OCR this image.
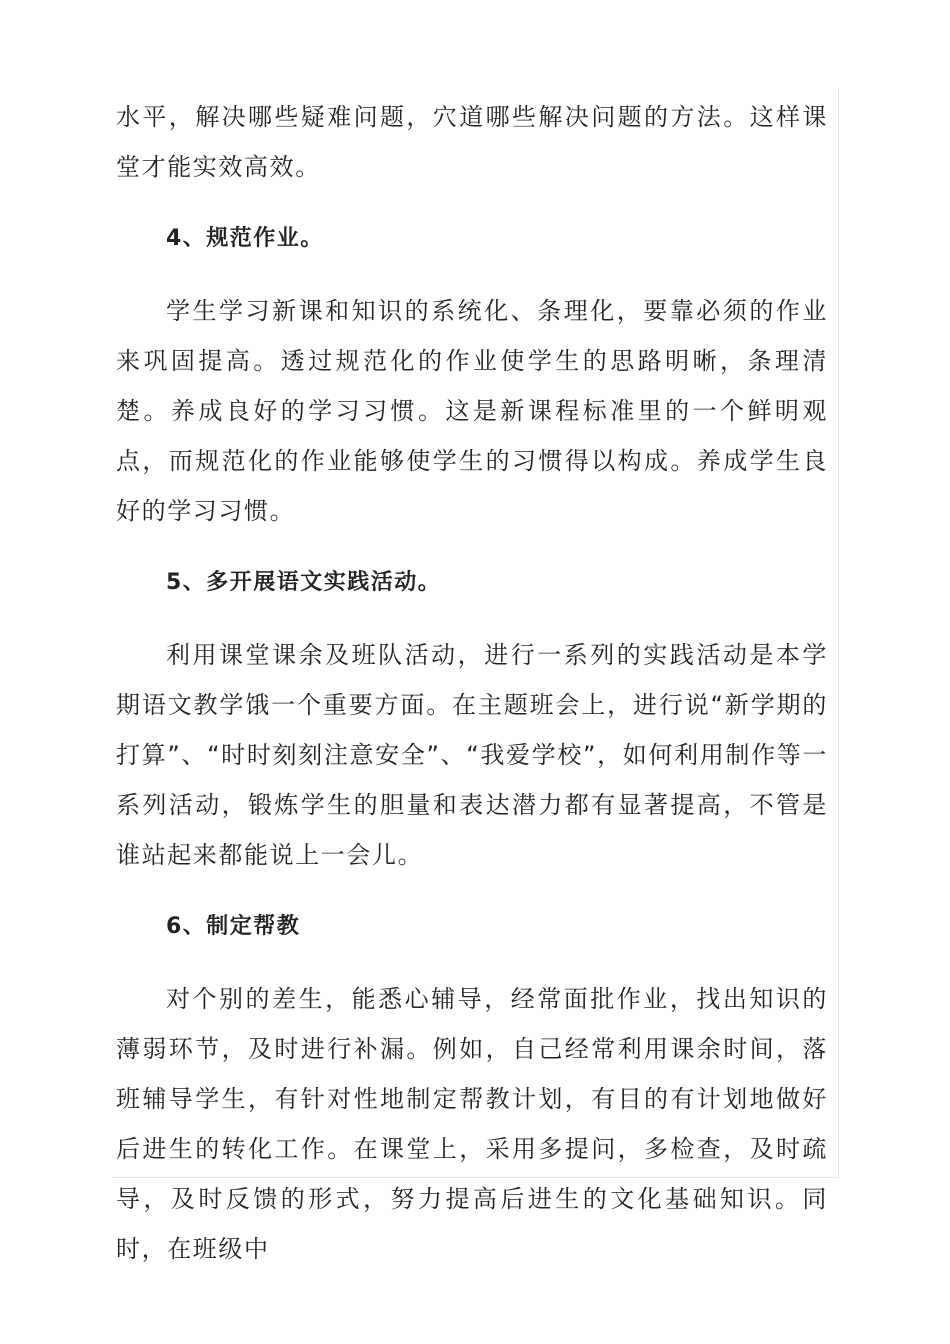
水平，解决哪些疑难问题，穴道哪些解决问题的方法。这样课堂才能实效高效。

4、规范作业。

学生学习新课和知识的系统化、条理化，要靠必须的作业来巩固提高。透过规范化的作业使学生的思路明晰，条理清楚。养成良好的学习习惯。这是新课程标准里的一个鲜明观点，而规范化的作业能够使学生的习惯得以构成。养成学生良好的学习习惯。

5、多开展语文实践活动。

利用课堂课余及班队活动，进行一系列的实践活动是本学期语文教学饿一个重要方面。在主题班会上，进行说“新学期的打算”、“时时刻刻注意安全”、“我爱学校”，如何利用制作等一系列活动，锻炼学生的胆量和表达潜力都有显著提高，不管是谁站起来都能说上一会儿。

6、制定帮教

对个别的差生，能悉心辅导，经常面批作业，找出知识的薄弱环节，及时进行补漏。例如，自己经常利用课余时间，落班辅导学生，有针对性地制定帮教计划，有目的有计划地做好后进生的转化工作。在课堂上，采用多提问，多检查，及时疏导，及时反馈的形式，努力提高后进生的文化基础知识。同时，在班级中
